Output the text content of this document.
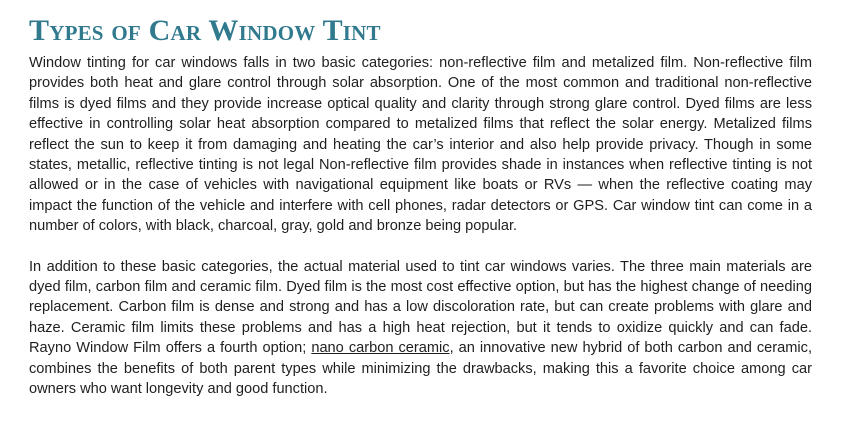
Types of Car Window Tint

Window tinting for car windows falls in two basic categories: non-reflective film and metalized film. Non-reflective film provides both heat and glare control through solar absorption. One of the most common and traditional non-reflective films is dyed films and they provide increase optical quality and clarity through strong glare control. Dyed films are less effective in controlling solar heat absorption compared to metalized films that reflect the solar energy. Metalized films reflect the sun to keep it from damaging and heating the car’s interior and also help provide privacy. Though in some states, metallic, reflective tinting is not legal Non-reflective film provides shade in instances when reflective tinting is not allowed or in the case of vehicles with navigational equipment like boats or RVs — when the reflective coating may impact the function of the vehicle and interfere with cell phones, radar detectors or GPS. Car window tint can come in a number of colors, with black, charcoal, gray, gold and bronze being popular.

In addition to these basic categories, the actual material used to tint car windows varies. The three main materials are dyed film, carbon film and ceramic film. Dyed film is the most cost effective option, but has the highest change of needing replacement. Carbon film is dense and strong and has a low discoloration rate, but can create problems with glare and haze. Ceramic film limits these problems and has a high heat rejection, but it tends to oxidize quickly and can fade. Rayno Window Film offers a fourth option; nano carbon ceramic, an innovative new hybrid of both carbon and ceramic, combines the benefits of both parent types while minimizing the drawbacks, making this a favorite choice among car owners who want longevity and good function.
